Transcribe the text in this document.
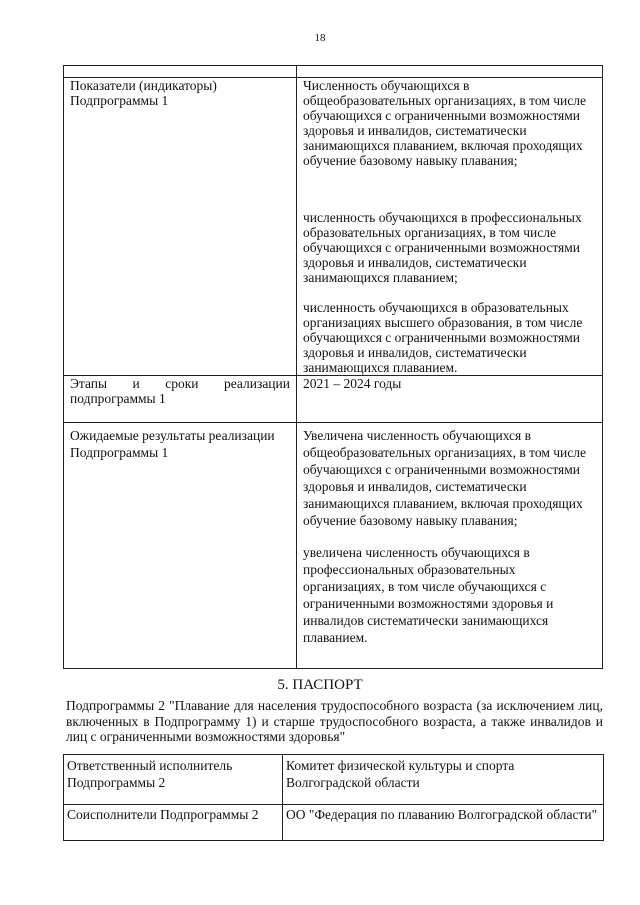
18

Показатели (индикаторы) Подпрограммы 1	Численность обучающихся в общеобразовательных организациях, в том числе обучающихся с ограниченными возможностями здоровья и инвалидов, систематически занимающихся плаванием, включая проходящих обучение базовому навыку плавания;

численность обучающихся в профессиональных образовательных организациях, в том числе обучающихся с ограниченными возможностями здоровья и инвалидов, систематически занимающихся плаванием;

численность обучающихся в образовательных организациях высшего образования, в том числе обучающихся с ограниченными возможностями здоровья и инвалидов, систематически занимающихся плаванием.

Этапы и сроки реализации подпрограммы 1	2021 – 2024 годы
Ожидаемые результаты реализации Подпрограммы 1	Увеличена численность обучающихся в общеобразовательных организациях, в том числе обучающихся с ограниченными возможностями здоровья и инвалидов, систематически занимающихся плаванием, включая проходящих обучение базовому навыку плавания;

увеличена численность обучающихся в профессиональных образовательных организациях, в том числе обучающихся с ограниченными возможностями здоровья и инвалидов систематически занимающихся плаванием.

5. ПАСПОРТ
Подпрограммы 2 "Плавание для населения трудоспособного возраста (за исключением лиц, включенных в Подпрограмму 1) и старше трудоспособного возраста, а также инвалидов и лиц с ограниченными возможностями здоровья"
Ответственный исполнитель Подпрограммы 2	Комитет физической культуры и спорта Волгоградской области
Соисполнители Подпрограммы 2	ОО "Федерация по плаванию Волгоградской области"
